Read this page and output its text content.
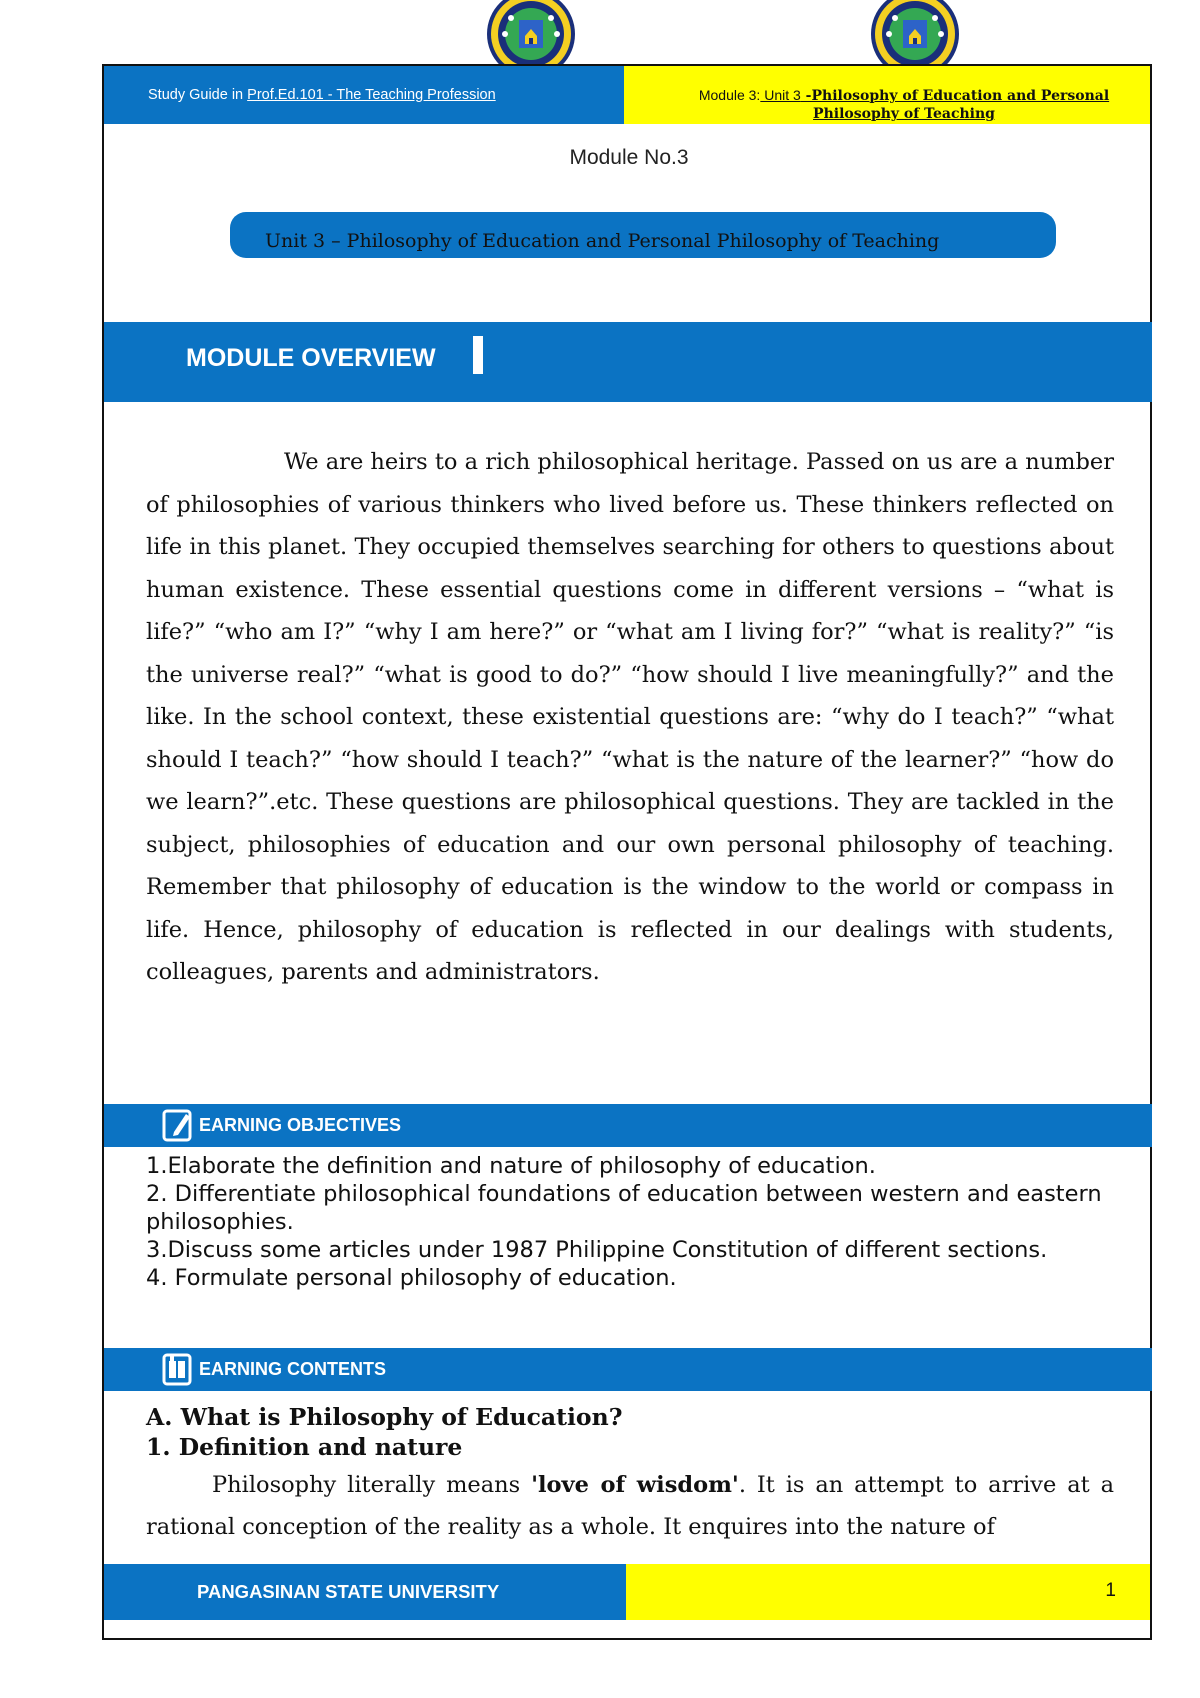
Study Guide in Prof.Ed.101 - The Teaching Profession	Module 3: Unit 3 -Philosophy of Education and Personal Philosophy of Teaching
Module No.3
Unit 3 – Philosophy of Education and Personal Philosophy of Teaching
MODULE OVERVIEW

We are heirs to a rich philosophical heritage. Passed on us are a number of philosophies of various thinkers who lived before us. These thinkers reflected on life in this planet. They occupied themselves searching for others to questions about human existence. These essential questions come in different versions – “what is life?” “who am I?” “why I am here?” or “what am I living for?” “what is reality?” “is the universe real?” “what is good to do?” “how should I live meaningfully?” and the like. In the school context, these existential questions are: “why do I teach?” “what should I teach?” “how should I teach?” “what is the nature of the learner?” “how do we learn?”.etc. These questions are philosophical questions. They are tackled in the subject, philosophies of education and our own personal philosophy of teaching. Remember that philosophy of education is the window to the world or compass in life. Hence, philosophy of education is reflected in our dealings with students, colleagues, parents and administrators.

EARNING OBJECTIVES
1.Elaborate the definition and nature of philosophy of education.
2. Differentiate philosophical foundations of education between western and eastern philosophies.
3.Discuss some articles under 1987 Philippine Constitution of different sections.
4. Formulate personal philosophy of education.
EARNING CONTENTS
A. What is Philosophy of Education?
1. Definition and nature
Philosophy literally means 'love of wisdom'. It is an attempt to arrive at a rational conception of the reality as a whole. It enquires into the nature of
PANGASINAN STATE UNIVERSITY	1
